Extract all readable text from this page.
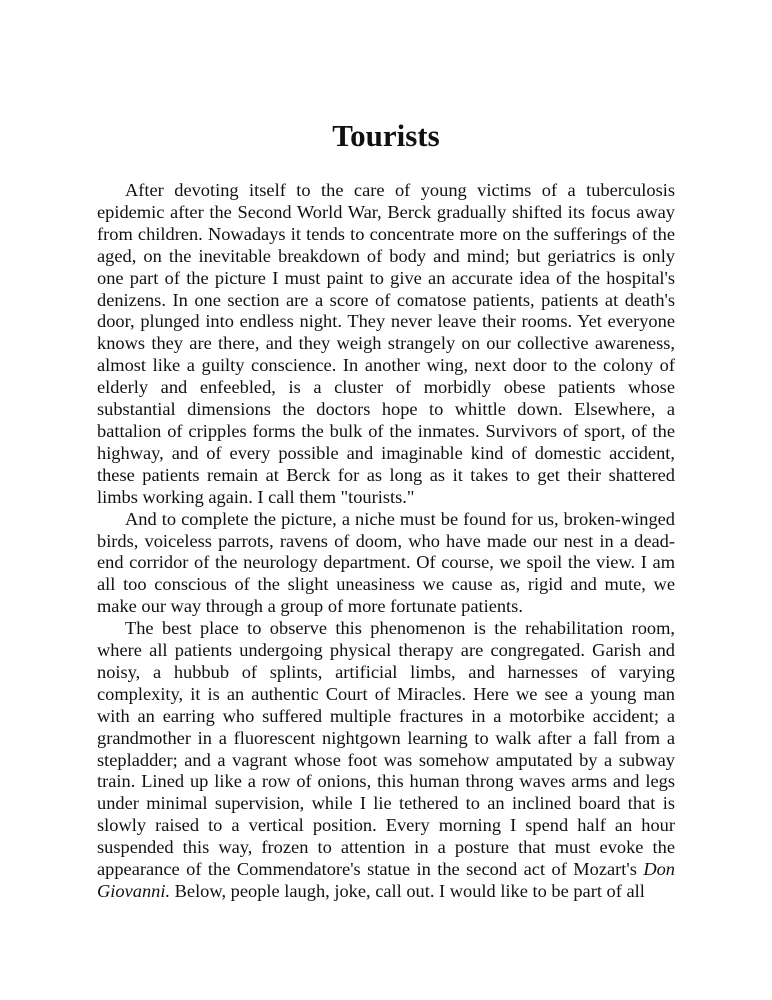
Tourists

After devoting itself to the care of young victims of a tuberculosis epidemic after the Second World War, Berck gradually shifted its focus away from children. Nowadays it tends to concentrate more on the sufferings of the aged, on the inevitable breakdown of body and mind; but geriatrics is only one part of the picture I must paint to give an accurate idea of the hospital's denizens. In one section are a score of comatose patients, patients at death's door, plunged into endless night. They never leave their rooms. Yet everyone knows they are there, and they weigh strangely on our collective awareness, almost like a guilty conscience. In another wing, next door to the colony of elderly and enfeebled, is a cluster of morbidly obese patients whose substantial dimensions the doctors hope to whittle down. Elsewhere, a battalion of cripples forms the bulk of the inmates. Survivors of sport, of the highway, and of every possible and imaginable kind of domestic accident, these patients remain at Berck for as long as it takes to get their shattered limbs working again. I call them "tourists."

And to complete the picture, a niche must be found for us, broken-winged birds, voiceless parrots, ravens of doom, who have made our nest in a dead-end corridor of the neurology department. Of course, we spoil the view. I am all too conscious of the slight uneasiness we cause as, rigid and mute, we make our way through a group of more fortunate patients.

The best place to observe this phenomenon is the rehabilitation room, where all patients undergoing physical therapy are congregated. Garish and noisy, a hubbub of splints, artificial limbs, and harnesses of varying complexity, it is an authentic Court of Miracles. Here we see a young man with an earring who suffered multiple fractures in a motorbike accident; a grandmother in a fluorescent nightgown learning to walk after a fall from a stepladder; and a vagrant whose foot was somehow amputated by a subway train. Lined up like a row of onions, this human throng waves arms and legs under minimal supervision, while I lie tethered to an inclined board that is slowly raised to a vertical position. Every morning I spend half an hour suspended this way, frozen to attention in a posture that must evoke the appearance of the Commendatore's statue in the second act of Mozart's Don Giovanni. Below, people laugh, joke, call out. I would like to be part of all
